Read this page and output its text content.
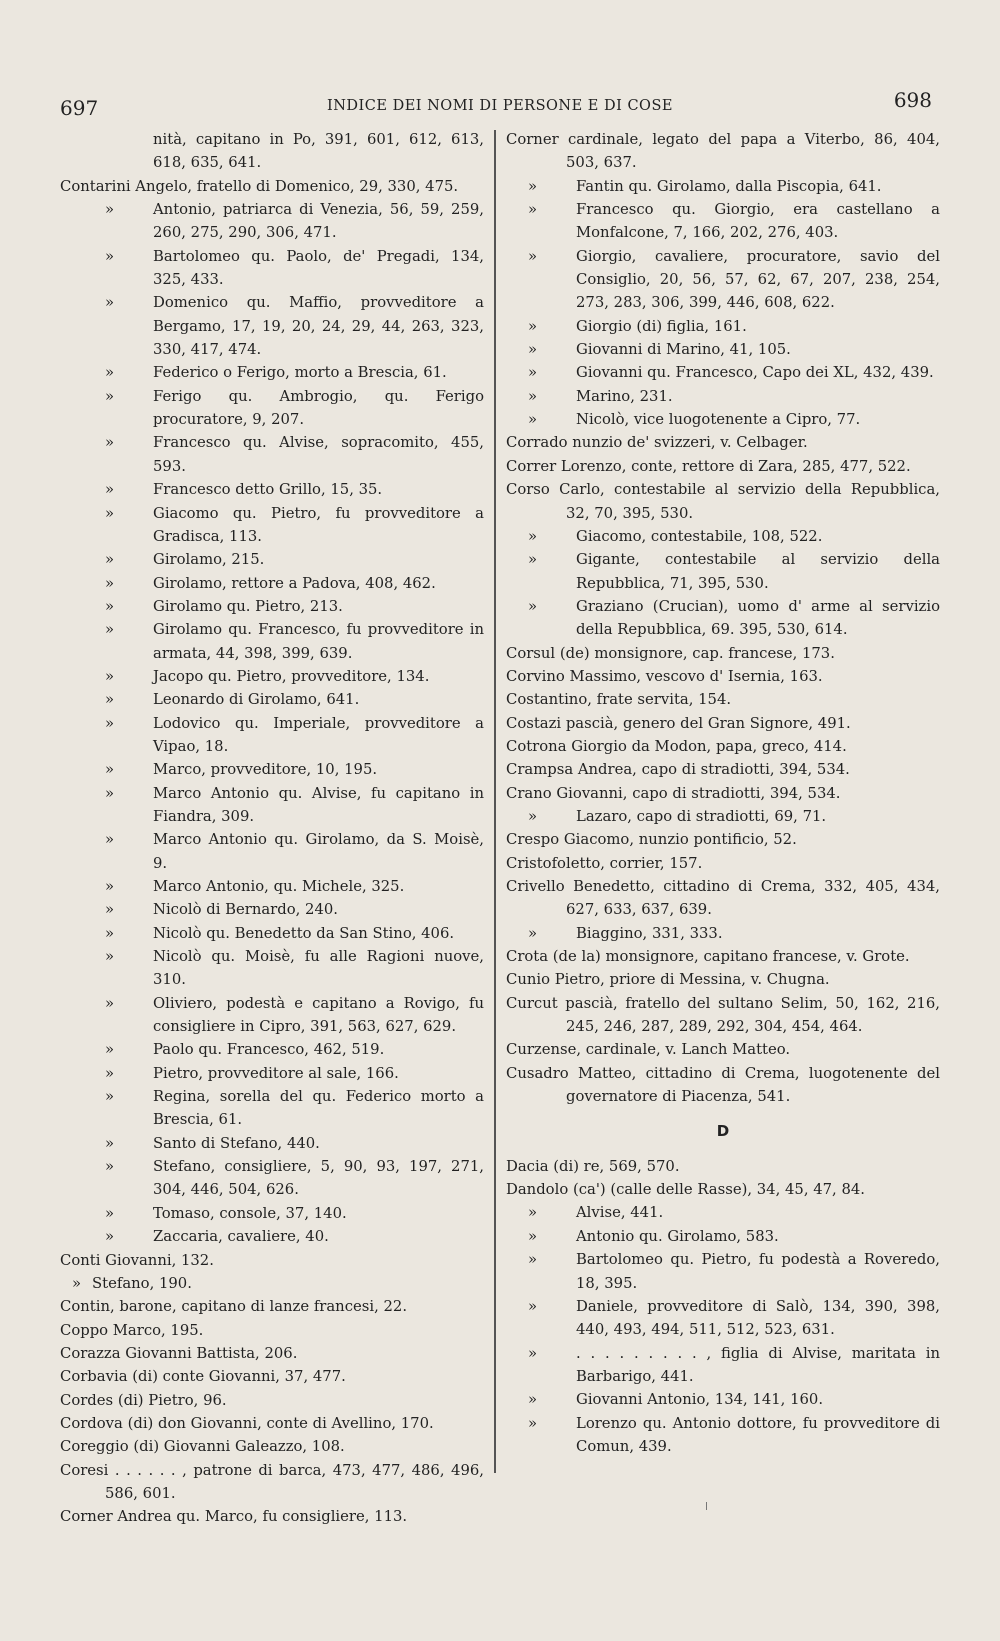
697	INDICE DEI NOMI DI PERSONE E DI COSE	698
nità, capitano in Po, 391, 601, 612, 613, 618, 635, 641.
Contarini Angelo, fratello di Domenico, 29, 330, 475.
»	Antonio, patriarca di Venezia, 56, 59, 259, 260, 275, 290, 306, 471.
»	Bartolomeo qu. Paolo, de' Pregadi, 134, 325, 433.
»	Domenico qu. Maffio, provveditore a Bergamo, 17, 19, 20, 24, 29, 44, 263, 323, 330, 417, 474.
»	Federico o Ferigo, morto a Brescia, 61.
»	Ferigo qu. Ambrogio, qu. Ferigo procuratore, 9, 207.
»	Francesco qu. Alvise, sopracomito, 455, 593.
»	Francesco detto Grillo, 15, 35.
»	Giacomo qu. Pietro, fu provveditore a Gradisca, 113.
»	Girolamo, 215.
»	Girolamo, rettore a Padova, 408, 462.
»	Girolamo qu. Pietro, 213.
»	Girolamo qu. Francesco, fu provveditore in armata, 44, 398, 399, 639.
»	Jacopo qu. Pietro, provveditore, 134.
»	Leonardo di Girolamo, 641.
»	Lodovico qu. Imperiale, provveditore a Vipao, 18.
»	Marco, provveditore, 10, 195.
»	Marco Antonio qu. Alvise, fu capitano in Fiandra, 309.
»	Marco Antonio qu. Girolamo, da S. Moisè, 9.
»	Marco Antonio, qu. Michele, 325.
»	Nicolò di Bernardo, 240.
»	Nicolò qu. Benedetto da San Stino, 406.
»	Nicolò qu. Moisè, fu alle Ragioni nuove, 310.
»	Oliviero, podestà e capitano a Rovigo, fu consigliere in Cipro, 391, 563, 627, 629.
»	Paolo qu. Francesco, 462, 519.
»	Pietro, provveditore al sale, 166.
»	Regina, sorella del qu. Federico morto a Brescia, 61.
»	Santo di Stefano, 440.
»	Stefano, consigliere, 5, 90, 93, 197, 271, 304, 446, 504, 626.
»	Tomaso, console, 37, 140.
»	Zaccaria, cavaliere, 40.
Conti Giovanni, 132.
» Stefano, 190.
Contin, barone, capitano di lanze francesi, 22.
Coppo Marco, 195.
Corazza Giovanni Battista, 206.
Corbavia (di) conte Giovanni, 37, 477.
Cordes (di) Pietro, 96.
Cordova (di) don Giovanni, conte di Avellino, 170.
Coreggio (di) Giovanni Galeazzo, 108.
Coresi . . . . . . , patrone di barca, 473, 477, 486, 496, 586, 601.
Corner Andrea qu. Marco, fu consigliere, 113.
Corner cardinale, legato del papa a Viterbo, 86, 404, 503, 637.
»	Fantin qu. Girolamo, dalla Piscopia, 641.
»	Francesco qu. Giorgio, era castellano a Monfalcone, 7, 166, 202, 276, 403.
»	Giorgio, cavaliere, procuratore, savio del Consiglio, 20, 56, 57, 62, 67, 207, 238, 254, 273, 283, 306, 399, 446, 608, 622.
»	Giorgio (di) figlia, 161.
»	Giovanni di Marino, 41, 105.
»	Giovanni qu. Francesco, Capo dei XL, 432, 439.
»	Marino, 231.
»	Nicolò, vice luogotenente a Cipro, 77.
Corrado nunzio de' svizzeri, v. Celbager.
Correr Lorenzo, conte, rettore di Zara, 285, 477, 522.
Corso Carlo, contestabile al servizio della Repubblica, 32, 70, 395, 530.
»	Giacomo, contestabile, 108, 522.
»	Gigante, contestabile al servizio della Repubblica, 71, 395, 530.
»	Graziano (Crucian), uomo d' arme al servizio della Repubblica, 69. 395, 530, 614.
Corsul (de) monsignore, cap. francese, 173.
Corvino Massimo, vescovo d' Isernia, 163.
Costantino, frate servita, 154.
Costazi pascià, genero del Gran Signore, 491.
Cotrona Giorgio da Modon, papa, greco, 414.
Crampsa Andrea, capo di stradiotti, 394, 534.
Crano Giovanni, capo di stradiotti, 394, 534.
»	Lazaro, capo di stradiotti, 69, 71.
Crespo Giacomo, nunzio pontificio, 52.
Cristofoletto, corrier, 157.
Crivello Benedetto, cittadino di Crema, 332, 405, 434, 627, 633, 637, 639.
»	Biaggino, 331, 333.
Crota (de la) monsignore, capitano francese, v. Grote.
Cunio Pietro, priore di Messina, v. Chugna.
Curcut pascià, fratello del sultano Selim, 50, 162, 216, 245, 246, 287, 289, 292, 304, 454, 464.
Curzense, cardinale, v. Lanch Matteo.
Cusadro Matteo, cittadino di Crema, luogotenente del governatore di Piacenza, 541.
D
Dacia (di) re, 569, 570.
Dandolo (ca') (calle delle Rasse), 34, 45, 47, 84.
»	Alvise, 441.
»	Antonio qu. Girolamo, 583.
»	Bartolomeo qu. Pietro, fu podestà a Roveredo, 18, 395.
»	Daniele, provveditore di Salò, 134, 390, 398, 440, 493, 494, 511, 512, 523, 631.
»	. . . . . . . . . , figlia di Alvise, maritata in Barbarigo, 441.
»	Giovanni Antonio, 134, 141, 160.
»	Lorenzo qu. Antonio dottore, fu provveditore di Comun, 439.
